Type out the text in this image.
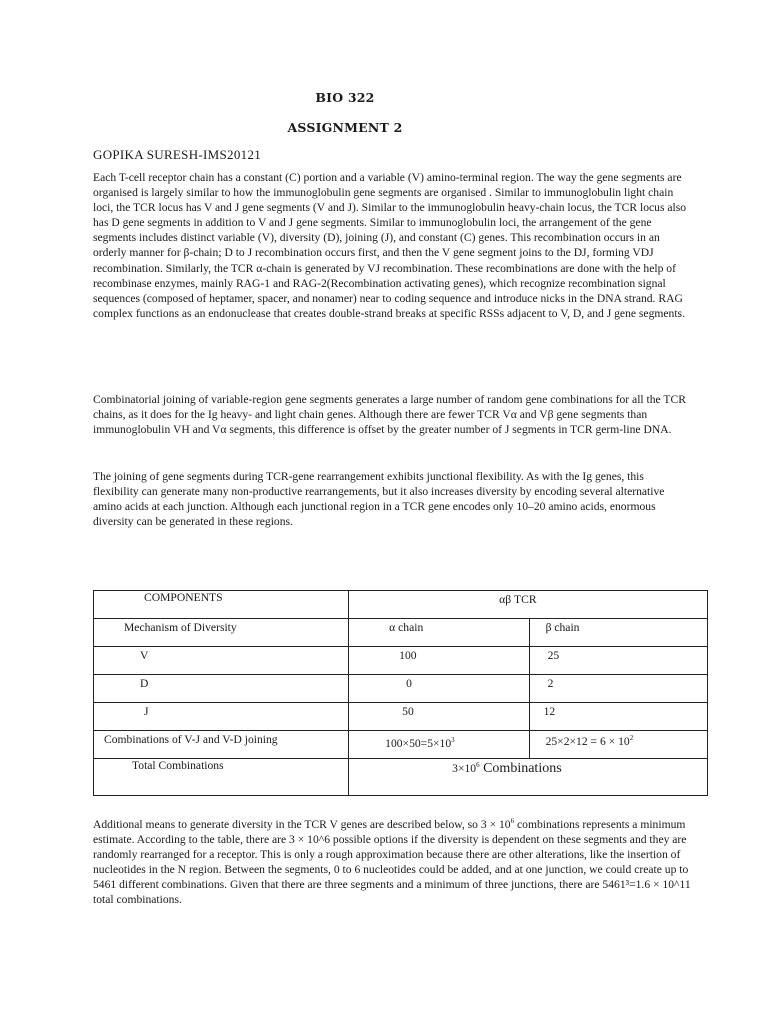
BIO 322
ASSIGNMENT 2
GOPIKA SURESH-IMS20121

Each T-cell receptor chain has a constant (C) portion and a variable (V) amino-terminal region. The way the gene segments are organised is largely similar to how the immunoglobulin gene segments are organised . Similar to immunoglobulin light chain loci, the TCR locus has V and J gene segments (V and J). Similar to the immunoglobulin heavy-chain locus, the TCR locus also has D gene segments in addition to V and J gene segments. Similar to immunoglobulin loci, the arrangement of the gene segments includes distinct variable (V), diversity (D), joining (J), and constant (C) genes. This recombination occurs in an orderly manner for β-chain; D to J recombination occurs first, and then the V gene segment joins to the DJ, forming VDJ recombination. Similarly, the TCR α-chain is generated by VJ recombination. These recombinations are done with the help of recombinase enzymes, mainly RAG-1 and RAG-2(Recombination activating genes), which recognize recombination signal sequences (composed of heptamer, spacer, and nonamer) near to coding sequence and introduce nicks in the DNA strand. RAG complex functions as an endonuclease that creates double-strand breaks at specific RSSs adjacent to V, D, and J gene segments.

Combinatorial joining of variable-region gene segments generates a large number of random gene combinations for all the TCR chains, as it does for the Ig heavy- and light chain genes. Although there are fewer TCR Vα and Vβ gene segments than immunoglobulin VH and Vα segments, this difference is offset by the greater number of J segments in TCR germ-line DNA.

The joining of gene segments during TCR-gene rearrangement exhibits junctional flexibility. As with the Ig genes, this flexibility can generate many non-productive rearrangements, but it also increases diversity by encoding several alternative amino acids at each junction. Although each junctional region in a TCR gene encodes only 10–20 amino acids, enormous diversity can be generated in these regions.

COMPONENTS	αβ TCR	

Mechanism of Diversity	α chain	β chain

V	100	25

D	0	2

J	50	12

Combinations of V-J and V-D joining	$100\times 50=5\times 10^3$	$25\times 2\times 12 = 6 \times 10^2$

Total Combinations	$3\times 10^6$ Combinations	

Additional means to generate diversity in the TCR V genes are described below, so $3 \times 10^6$ combinations represents a minimum estimate. According to the table, there are 3 × 10^6 possible options if the diversity is dependent on these segments and they are randomly rearranged for a receptor. This is only a rough approximation because there are other alterations, like the insertion of nucleotides in the N region. Between the segments, 0 to 6 nucleotides could be added, and at one junction, we could create up to 5461 different combinations. Given that there are three segments and a minimum of three junctions, there are 5461³=1.6 × 10^11 total combinations.
